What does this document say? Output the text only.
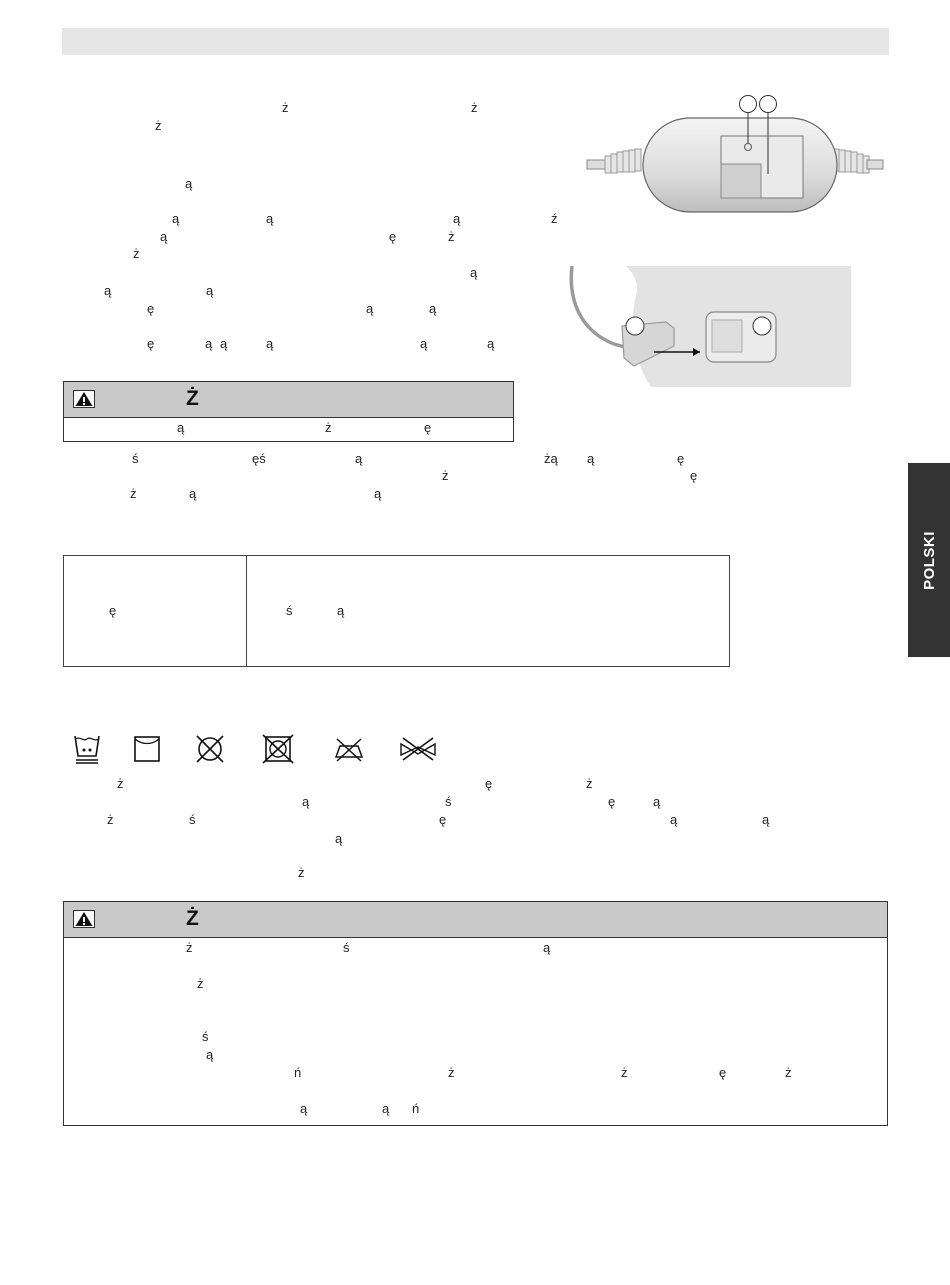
ż	ż
ż
ą
ą	ą	ą	ź
ą	ę	ż
ż
ą
ą	ą
ę	ą	ą
ę	ą ą	ą	ą	ą
Ż
ą	ż	ę
ś	ęś	ą	żą ą	ę
ż	ę
ż	ą	ą
ę	ś	ą
POLSKI
ż	ę	ż
ą	ś	ę	ą
ż	ś	ę	ą	ą
ą
ż
Ż
ż	ś	ą
ż
ś
ą
ń	ż	ż	ę	ż
ą	ą ń
